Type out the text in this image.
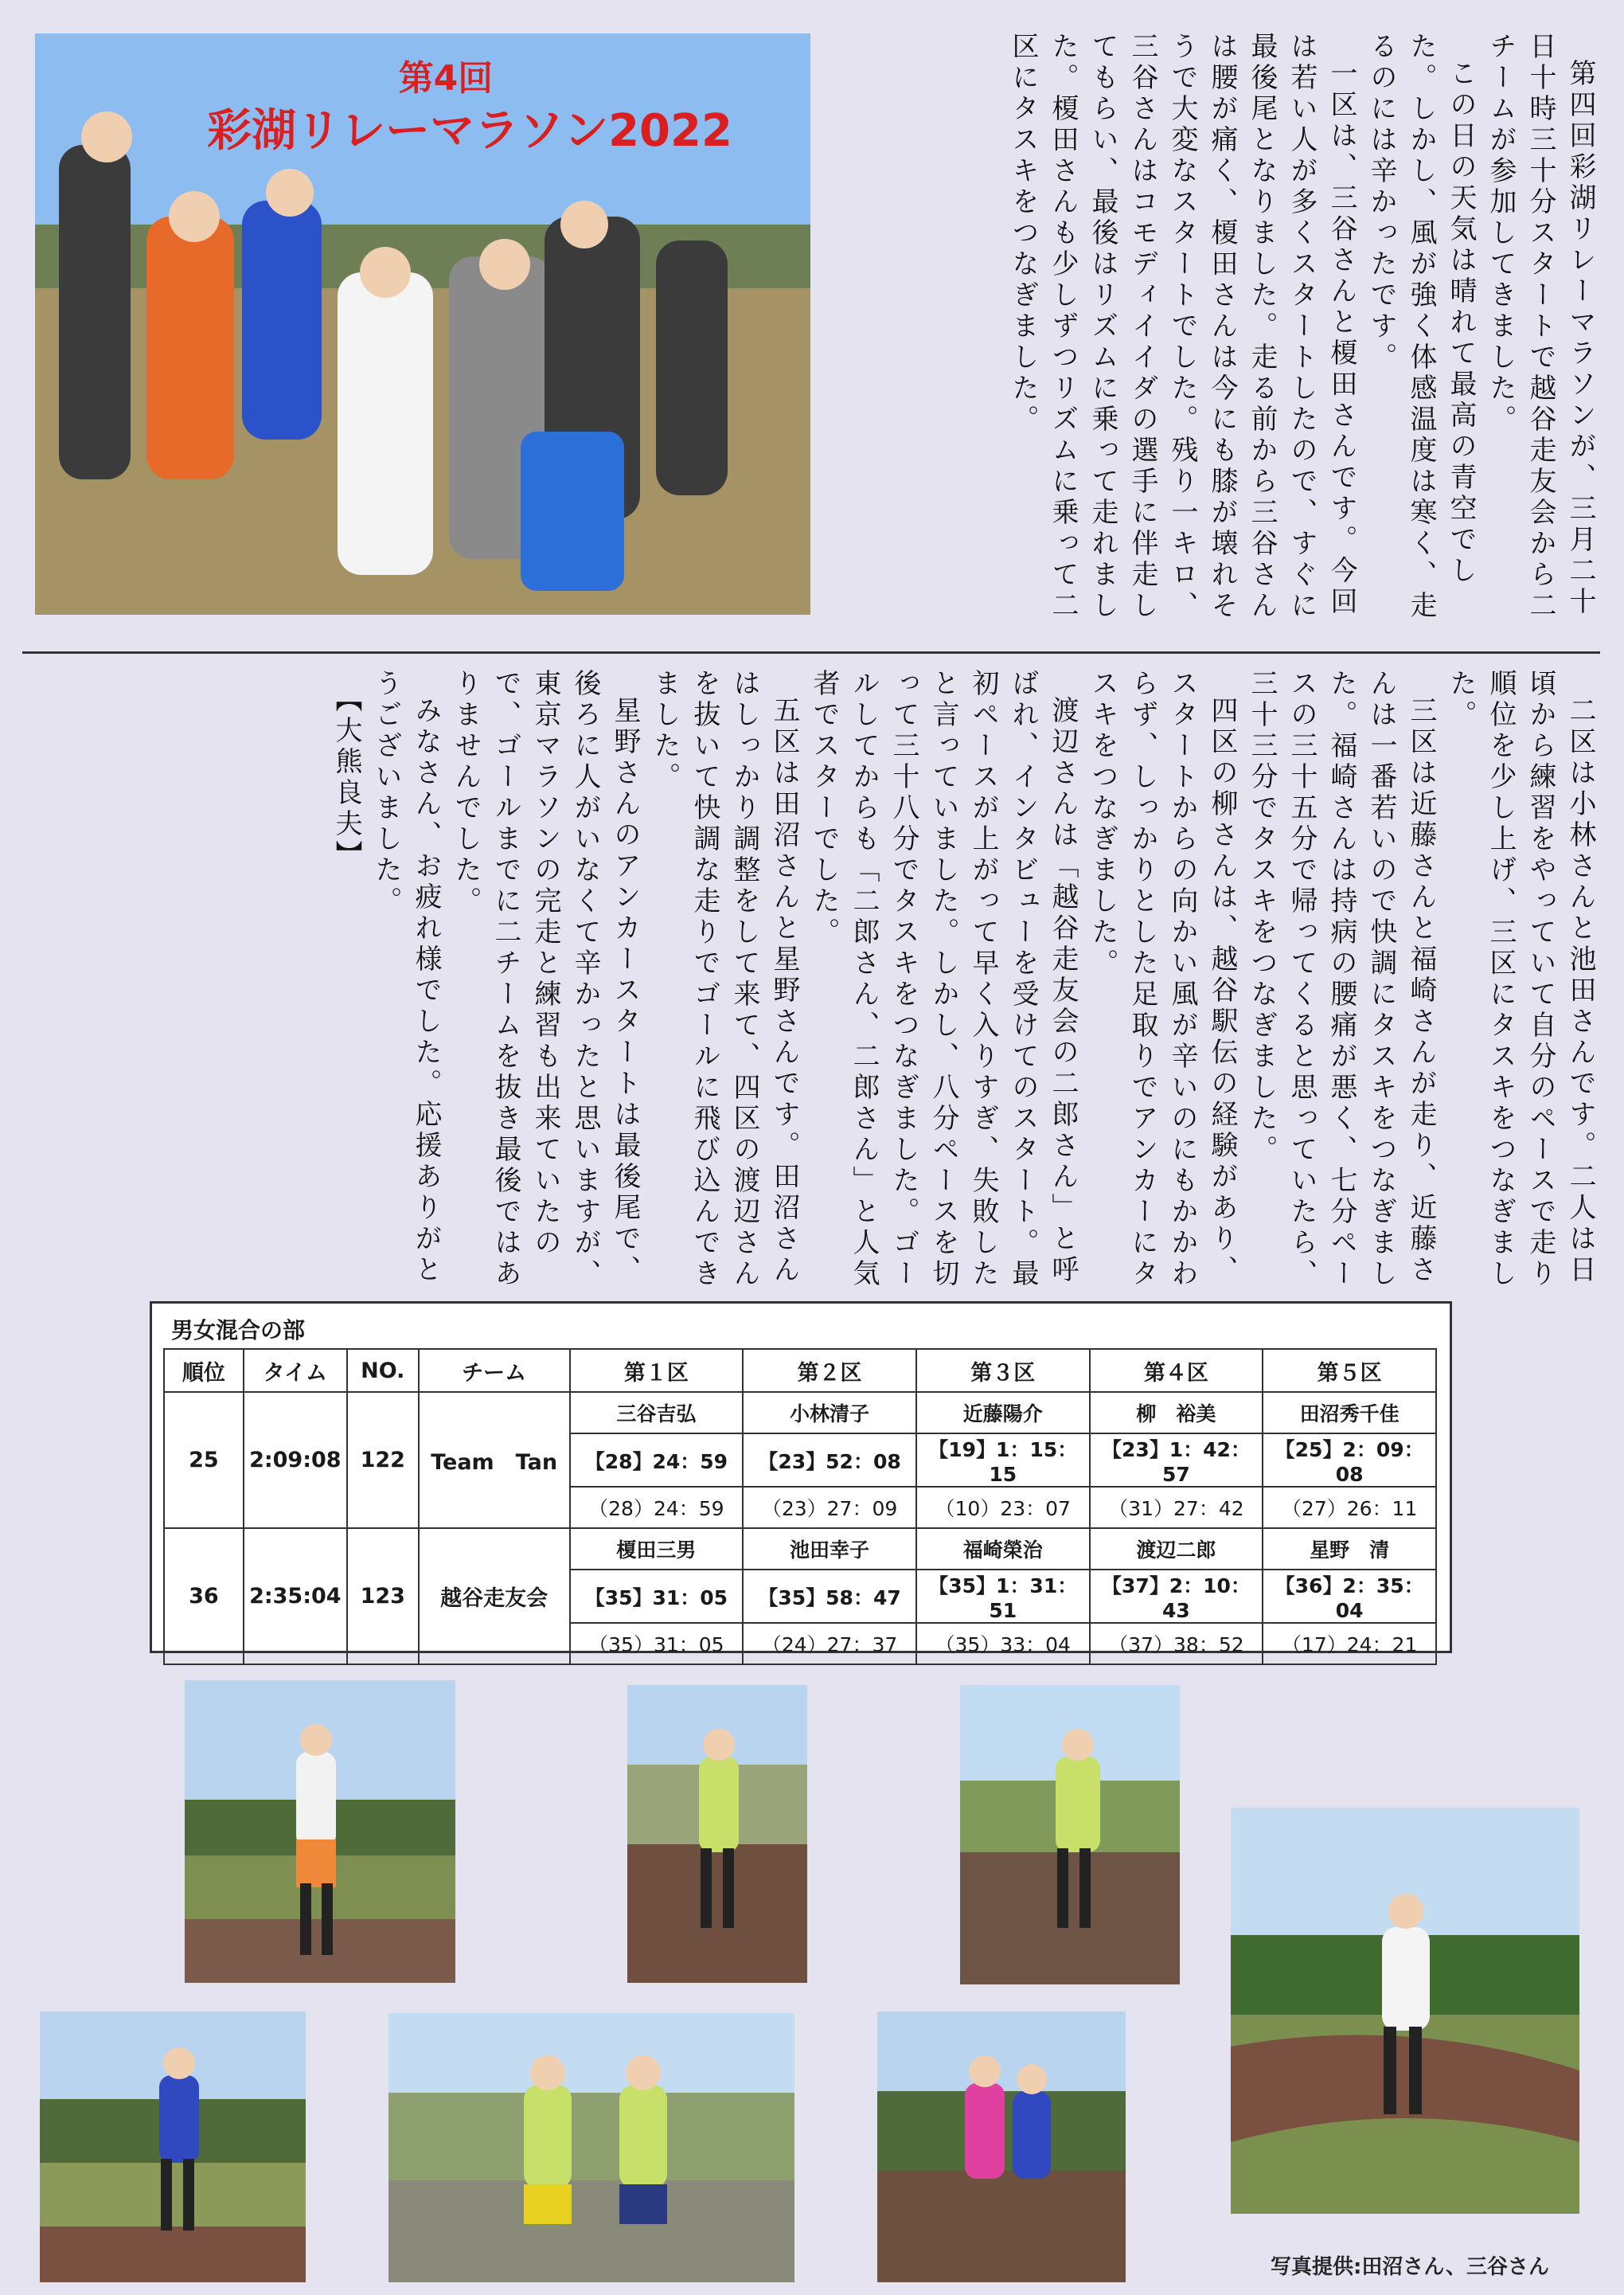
第4回
彩湖リレーマラソン2022	第四回彩湖リレーマラソンが、三月二十日十時三十分スタートで越谷走友会から二チームが参加してきました。

この日の天気は晴れて最高の青空でした。しかし、風が強く体感温度は寒く、走るのには辛かったです。

一区は、三谷さんと榎田さんです。今回は若い人が多くスタートしたので、すぐに最後尾となりました。走る前から三谷さんは腰が痛く、榎田さんは今にも膝が壊れそうで大変なスタートでした。残り一キロ、三谷さんはコモディイイダの選手に伴走してもらい、最後はリズムに乗って走れました。榎田さんも少しずつリズムに乗って二区にタスキをつなぎました。

二区は小林さんと池田さんです。二人は日頃から練習をやっていて自分のペースで走り順位を少し上げ、三区にタスキをつなぎました。

三区は近藤さんと福崎さんが走り、近藤さんは一番若いので快調にタスキをつなぎました。福崎さんは持病の腰痛が悪く、七分ペースの三十五分で帰ってくると思っていたら、三十三分でタスキをつなぎました。

四区の柳さんは、越谷駅伝の経験があり、スタートからの向かい風が辛いのにもかかわらず、しっかりとした足取りでアンカーにタスキをつなぎました。

渡辺さんは「越谷走友会の二郎さん」と呼ばれ、インタビューを受けてのスタート。最初ペースが上がって早く入りすぎ、失敗したと言っていました。しかし、八分ペースを切って三十八分でタスキをつなぎました。ゴールしてからも「二郎さん、二郎さん」と人気者でスターでした。

五区は田沼さんと星野さんです。田沼さんはしっかり調整をして来て、四区の渡辺さんを抜いて快調な走りでゴールに飛び込んできました。

星野さんのアンカースタートは最後尾で、後ろに人がいなくて辛かったと思いますが、東京マラソンの完走と練習も出来ていたので、ゴールまでに二チームを抜き最後ではありませんでした。

みなさん、お疲れ様でした。応援ありがとうございました。

【大熊良夫】

男女混合の部
順位	タイム	NO.	チーム	第１区	第２区	第３区	第４区	第５区
25	2:09:08	122	Team　Tan	三谷吉弘	小林清子	近藤陽介	柳　裕美	田沼秀千佳
				【28】24：59	【23】52：08	【19】1：15：15	【23】1：42：57	【25】2：09：08
				（28）24：59	（23）27：09	（10）23：07	（31）27：42	（27）26：11
36	2:35:04	123	越谷走友会	榎田三男	池田幸子	福崎榮治	渡辺二郎	星野　清
				【35】31：05	【35】58：47	【35】1：31：51	【37】2：10：43	【36】2：35：04
				（35）31：05	（24）27：37	（35）33：04	（37）38：52	（17）24：21
写真提供:田沼さん、三谷さん
